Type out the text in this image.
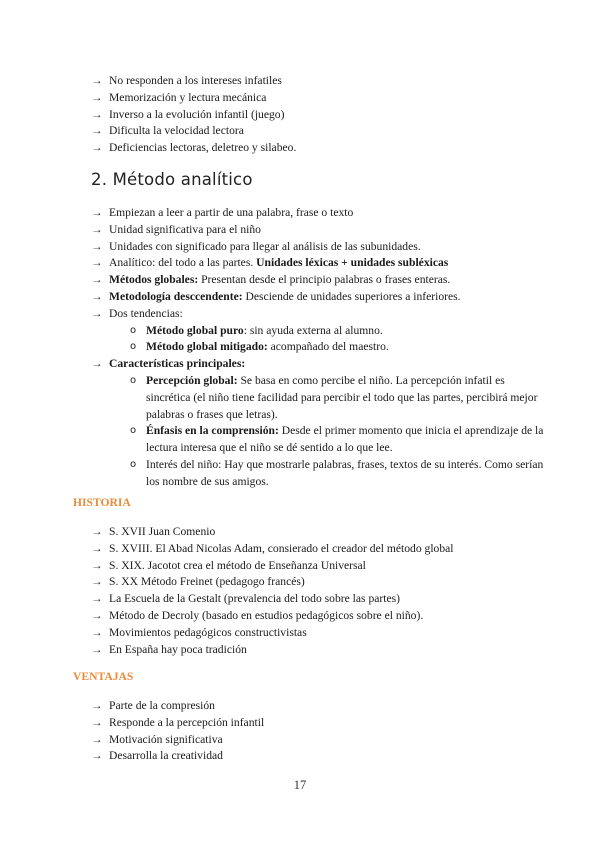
→ No responden a los intereses infatiles
→ Memorización y lectura mecánica
→ Inverso a la evolución infantil (juego)
→ Dificulta la velocidad lectora
→ Deficiencias lectoras, deletreo y silabeo.
2. Método analítico
→ Empiezan a leer a partir de una palabra, frase o texto
→ Unidad significativa para el niño
→ Unidades con significado para llegar al análisis de las subunidades.
→ Analítico: del todo a las partes. Unidades léxicas + unidades subléxicas
→ Métodos globales: Presentan desde el principio palabras o frases enteras.
→ Metodología desccendente: Desciende de unidades superiores a inferiores.
→ Dos tendencias:
o Método global puro: sin ayuda externa al alumno.
o Método global mitigado: acompañado del maestro.
→ Características principales:
o Percepción global: Se basa en como percibe el niño. La percepción infatil es sincrética (el niño tiene facilidad para percibir el todo que las partes, percibirá mejor palabras o frases que letras).
o Énfasis en la comprensión: Desde el primer momento que inicia el aprendizaje de la lectura interesa que el niño se dé sentido a lo que lee.
o Interés del niño: Hay que mostrarle palabras, frases, textos de su interés. Como serían los nombre de sus amigos.
HISTORIA
→ S. XVII Juan Comenio
→ S. XVIII. El Abad Nicolas Adam, consierado el creador del método global
→ S. XIX. Jacotot crea el método de Enseñanza Universal
→ S. XX Método Freinet (pedagogo francés)
→ La Escuela de la Gestalt (prevalencia del todo sobre las partes)
→ Método de Decroly (basado en estudios pedagógicos sobre el niño).
→ Movimientos pedagógicos constructivistas
→ En España hay poca tradición
VENTAJAS
→ Parte de la compresión
→ Responde a la percepción infantil
→ Motivación significativa
→ Desarrolla la creatividad
17
